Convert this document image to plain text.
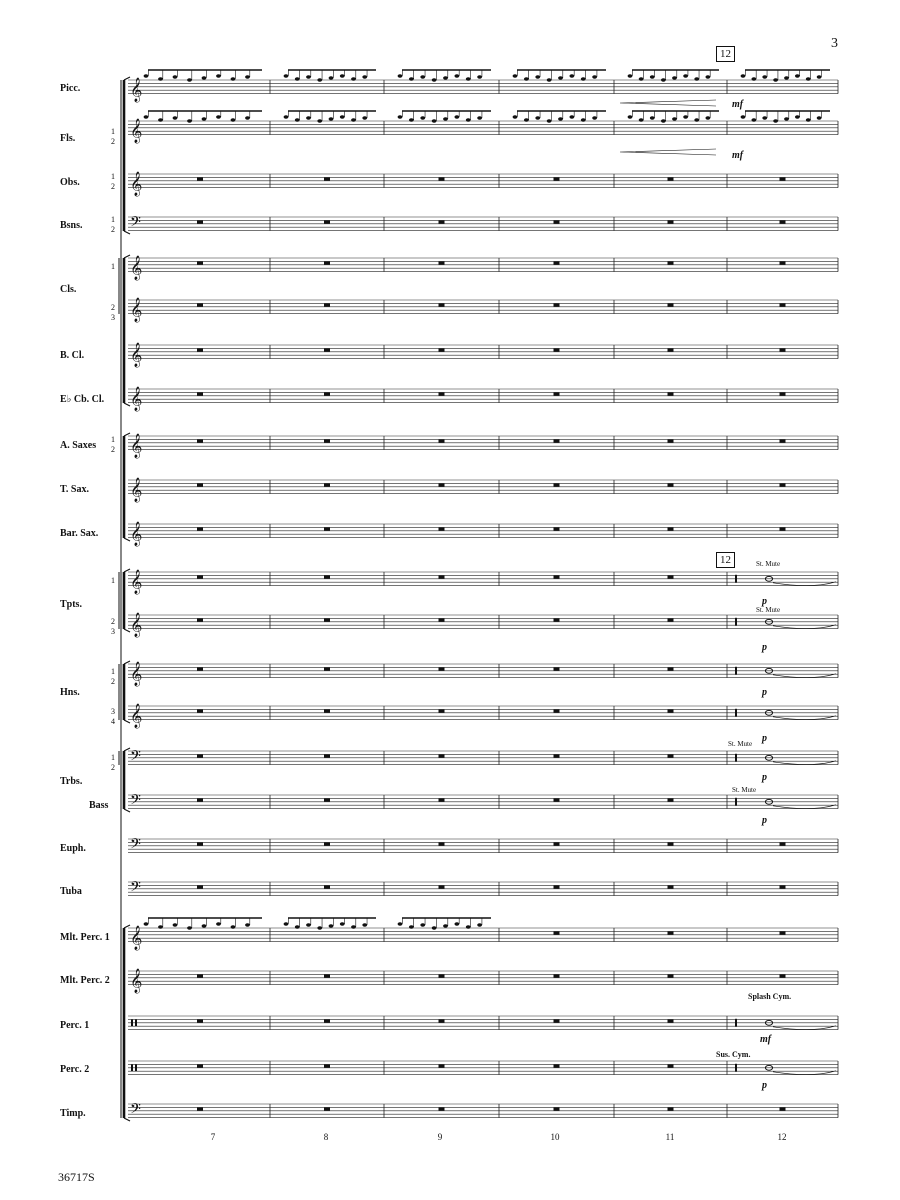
3
36717S
𝄞
𝄞
𝄞
𝄢
𝄞
𝄞
𝄞
𝄞
𝄞
𝄞
𝄞
𝄞
𝄞
𝄞
𝄞
𝄢
𝄢
𝄢
𝄢
𝄞
𝄞
𝄢
Picc.
Fls.
1
2
Obs.
1
2
Bsns.
1
2
Cls.
1
2
3
B. Cl.
E♭ Cb. Cl.
A. Saxes
1
2
T. Sax.
Bar. Sax.
Tpts.
1
2
3
Hns.
1
2
3
4
Trbs.
1
2
Bass
Euph.
Tuba
Mlt. Perc. 1
Mlt. Perc. 2
Perc. 1
Perc. 2
Timp.
7	8	9	10	11	12
12
12
mf
mf
p
p
p
p
p
p
mf
p
St. Mute
St. Mute
St. Mute
St. Mute
Splash Cym.
Sus. Cym.
